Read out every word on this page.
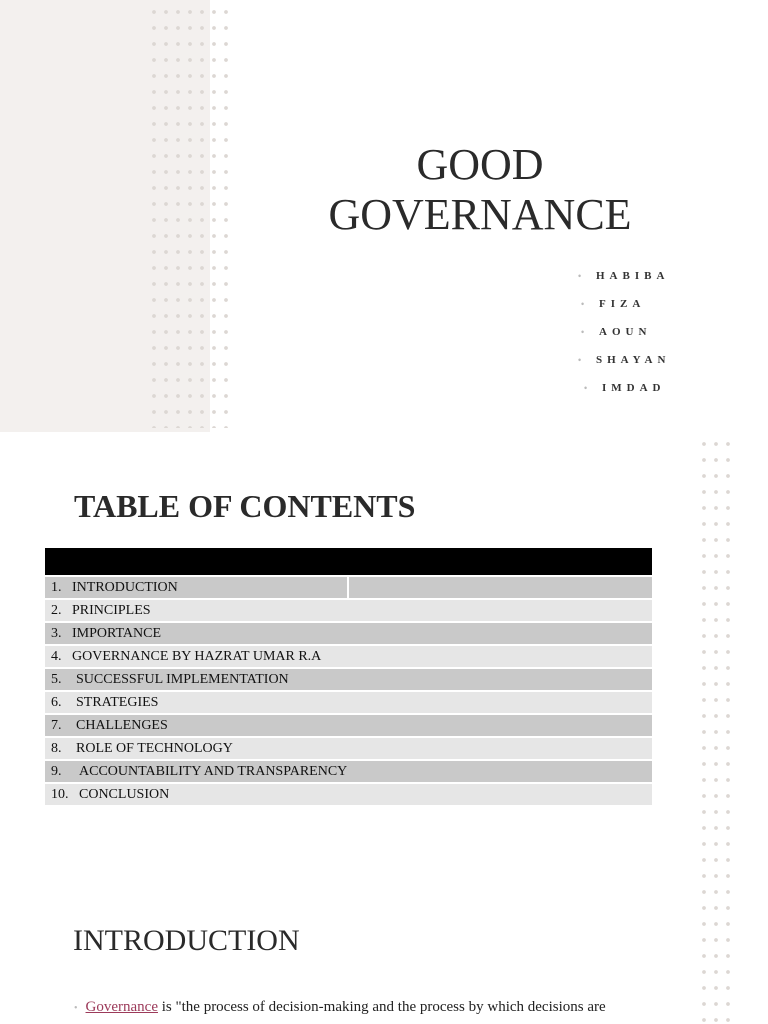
GOOD
GOVERNANCE
• HABIBA
• FIZA
• AOUN
• SHAYAN
• IMDAD
TABLE OF CONTENTS
1. INTRODUCTION
2. PRINCIPLES
3. IMPORTANCE
4. GOVERNANCE BY HAZRAT UMAR R.A
5. SUCCESSFUL IMPLEMENTATION
6. STRATEGIES
7. CHALLENGES
8. ROLE OF TECHNOLOGY
9. ACCOUNTABILITY AND TRANSPARENCY
10. CONCLUSION
INTRODUCTION
• Governance is "the process of decision-making and the process by which decisions are
